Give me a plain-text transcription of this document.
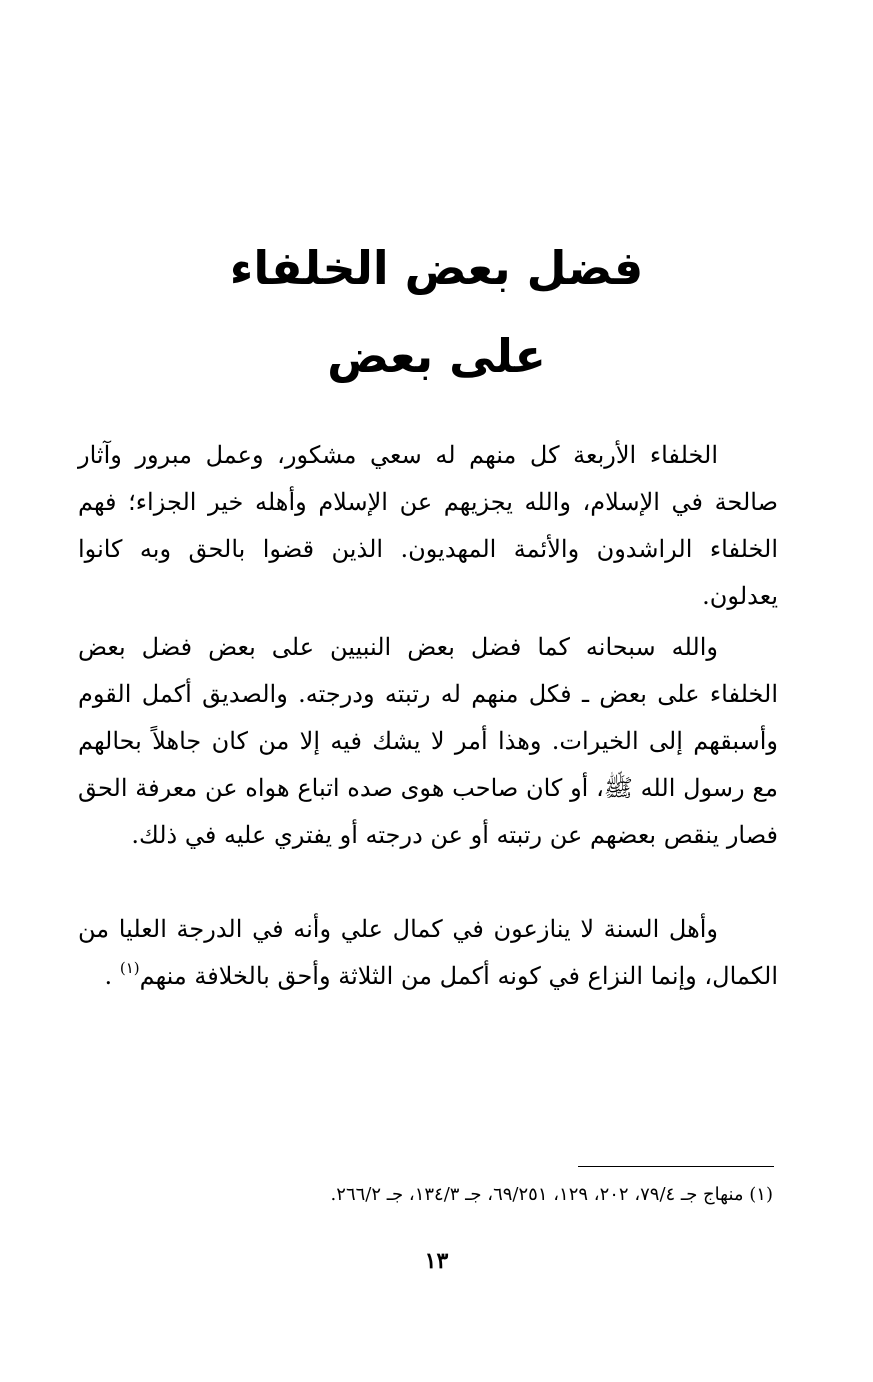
فضل بعض الخلفاء
على بعض

الخلفاء الأربعة كل منهم له سعي مشكور، وعمل مبرور وآثار صالحة في الإسلام، والله يجزيهم عن الإسلام وأهله خير الجزاء؛ فهم الخلفاء الراشدون والأئمة المهديون. الذين قضوا بالحق وبه كانوا يعدلون.

والله سبحانه كما فضل بعض النبيين على بعض فضل بعض الخلفاء على بعض ـ فكل منهم له رتبته ودرجته. والصديق أكمل القوم وأسبقهم إلى الخيرات. وهذا أمر لا يشك فيه إلا من كان جاهلاً بحالهم مع رسول الله ﷺ، أو كان صاحب هوى صده اتباع هواه عن معرفة الحق فصار ينقص بعضهم عن رتبته أو عن درجته أو يفتري عليه في ذلك.

وأهل السنة لا ينازعون في كمال علي وأنه في الدرجة العليا من الكمال، وإنما النزاع في كونه أكمل من الثلاثة وأحق بالخلافة منهم$^{(١)}$ .

(١) منهاج جـ ٧٩/٤، ٢٠٢، ١٢٩، ٦٩/٢٥١، جـ ١٣٤/٣، جـ ٢٦٦/٢.
١٣
